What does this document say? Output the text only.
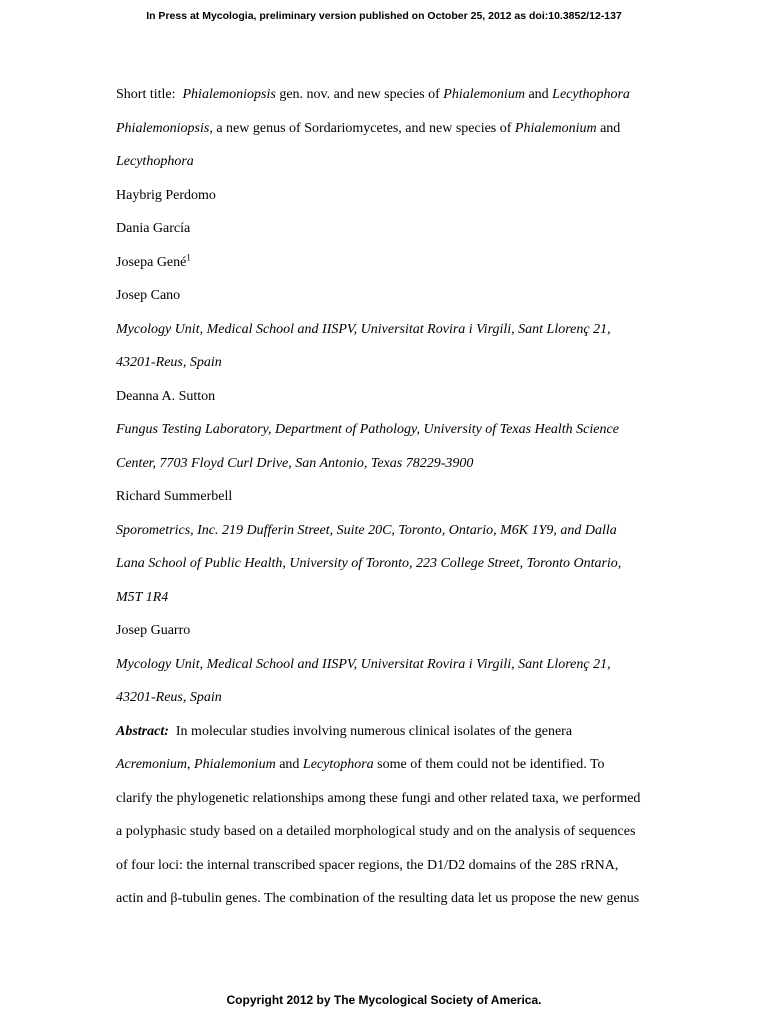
In Press at Mycologia, preliminary version published on October 25, 2012 as doi:10.3852/12-137
Short title: Phialemoniopsis gen. nov. and new species of Phialemonium and Lecythophora
Phialemoniopsis, a new genus of Sordariomycetes, and new species of Phialemonium and
Lecythophora
Haybrig Perdomo
Dania García
Josepa Gené$^1$
Josep Cano
Mycology Unit, Medical School and IISPV, Universitat Rovira i Virgili, Sant Llorenç 21,
43201-Reus, Spain
Deanna A. Sutton
Fungus Testing Laboratory, Department of Pathology, University of Texas Health Science
Center, 7703 Floyd Curl Drive, San Antonio, Texas 78229-3900
Richard Summerbell
Sporometrics, Inc. 219 Dufferin Street, Suite 20C, Toronto, Ontario, M6K 1Y9, and Dalla
Lana School of Public Health, University of Toronto, 223 College Street, Toronto Ontario,
M5T 1R4
Josep Guarro
Mycology Unit, Medical School and IISPV, Universitat Rovira i Virgili, Sant Llorenç 21,
43201-Reus, Spain
Abstract: In molecular studies involving numerous clinical isolates of the genera
Acremonium, Phialemonium and Lecytophora some of them could not be identified. To
clarify the phylogenetic relationships among these fungi and other related taxa, we performed
a polyphasic study based on a detailed morphological study and on the analysis of sequences
of four loci: the internal transcribed spacer regions, the D1/D2 domains of the 28S rRNA,
actin and β-tubulin genes. The combination of the resulting data let us propose the new genus
Copyright 2012 by The Mycological Society of America.
